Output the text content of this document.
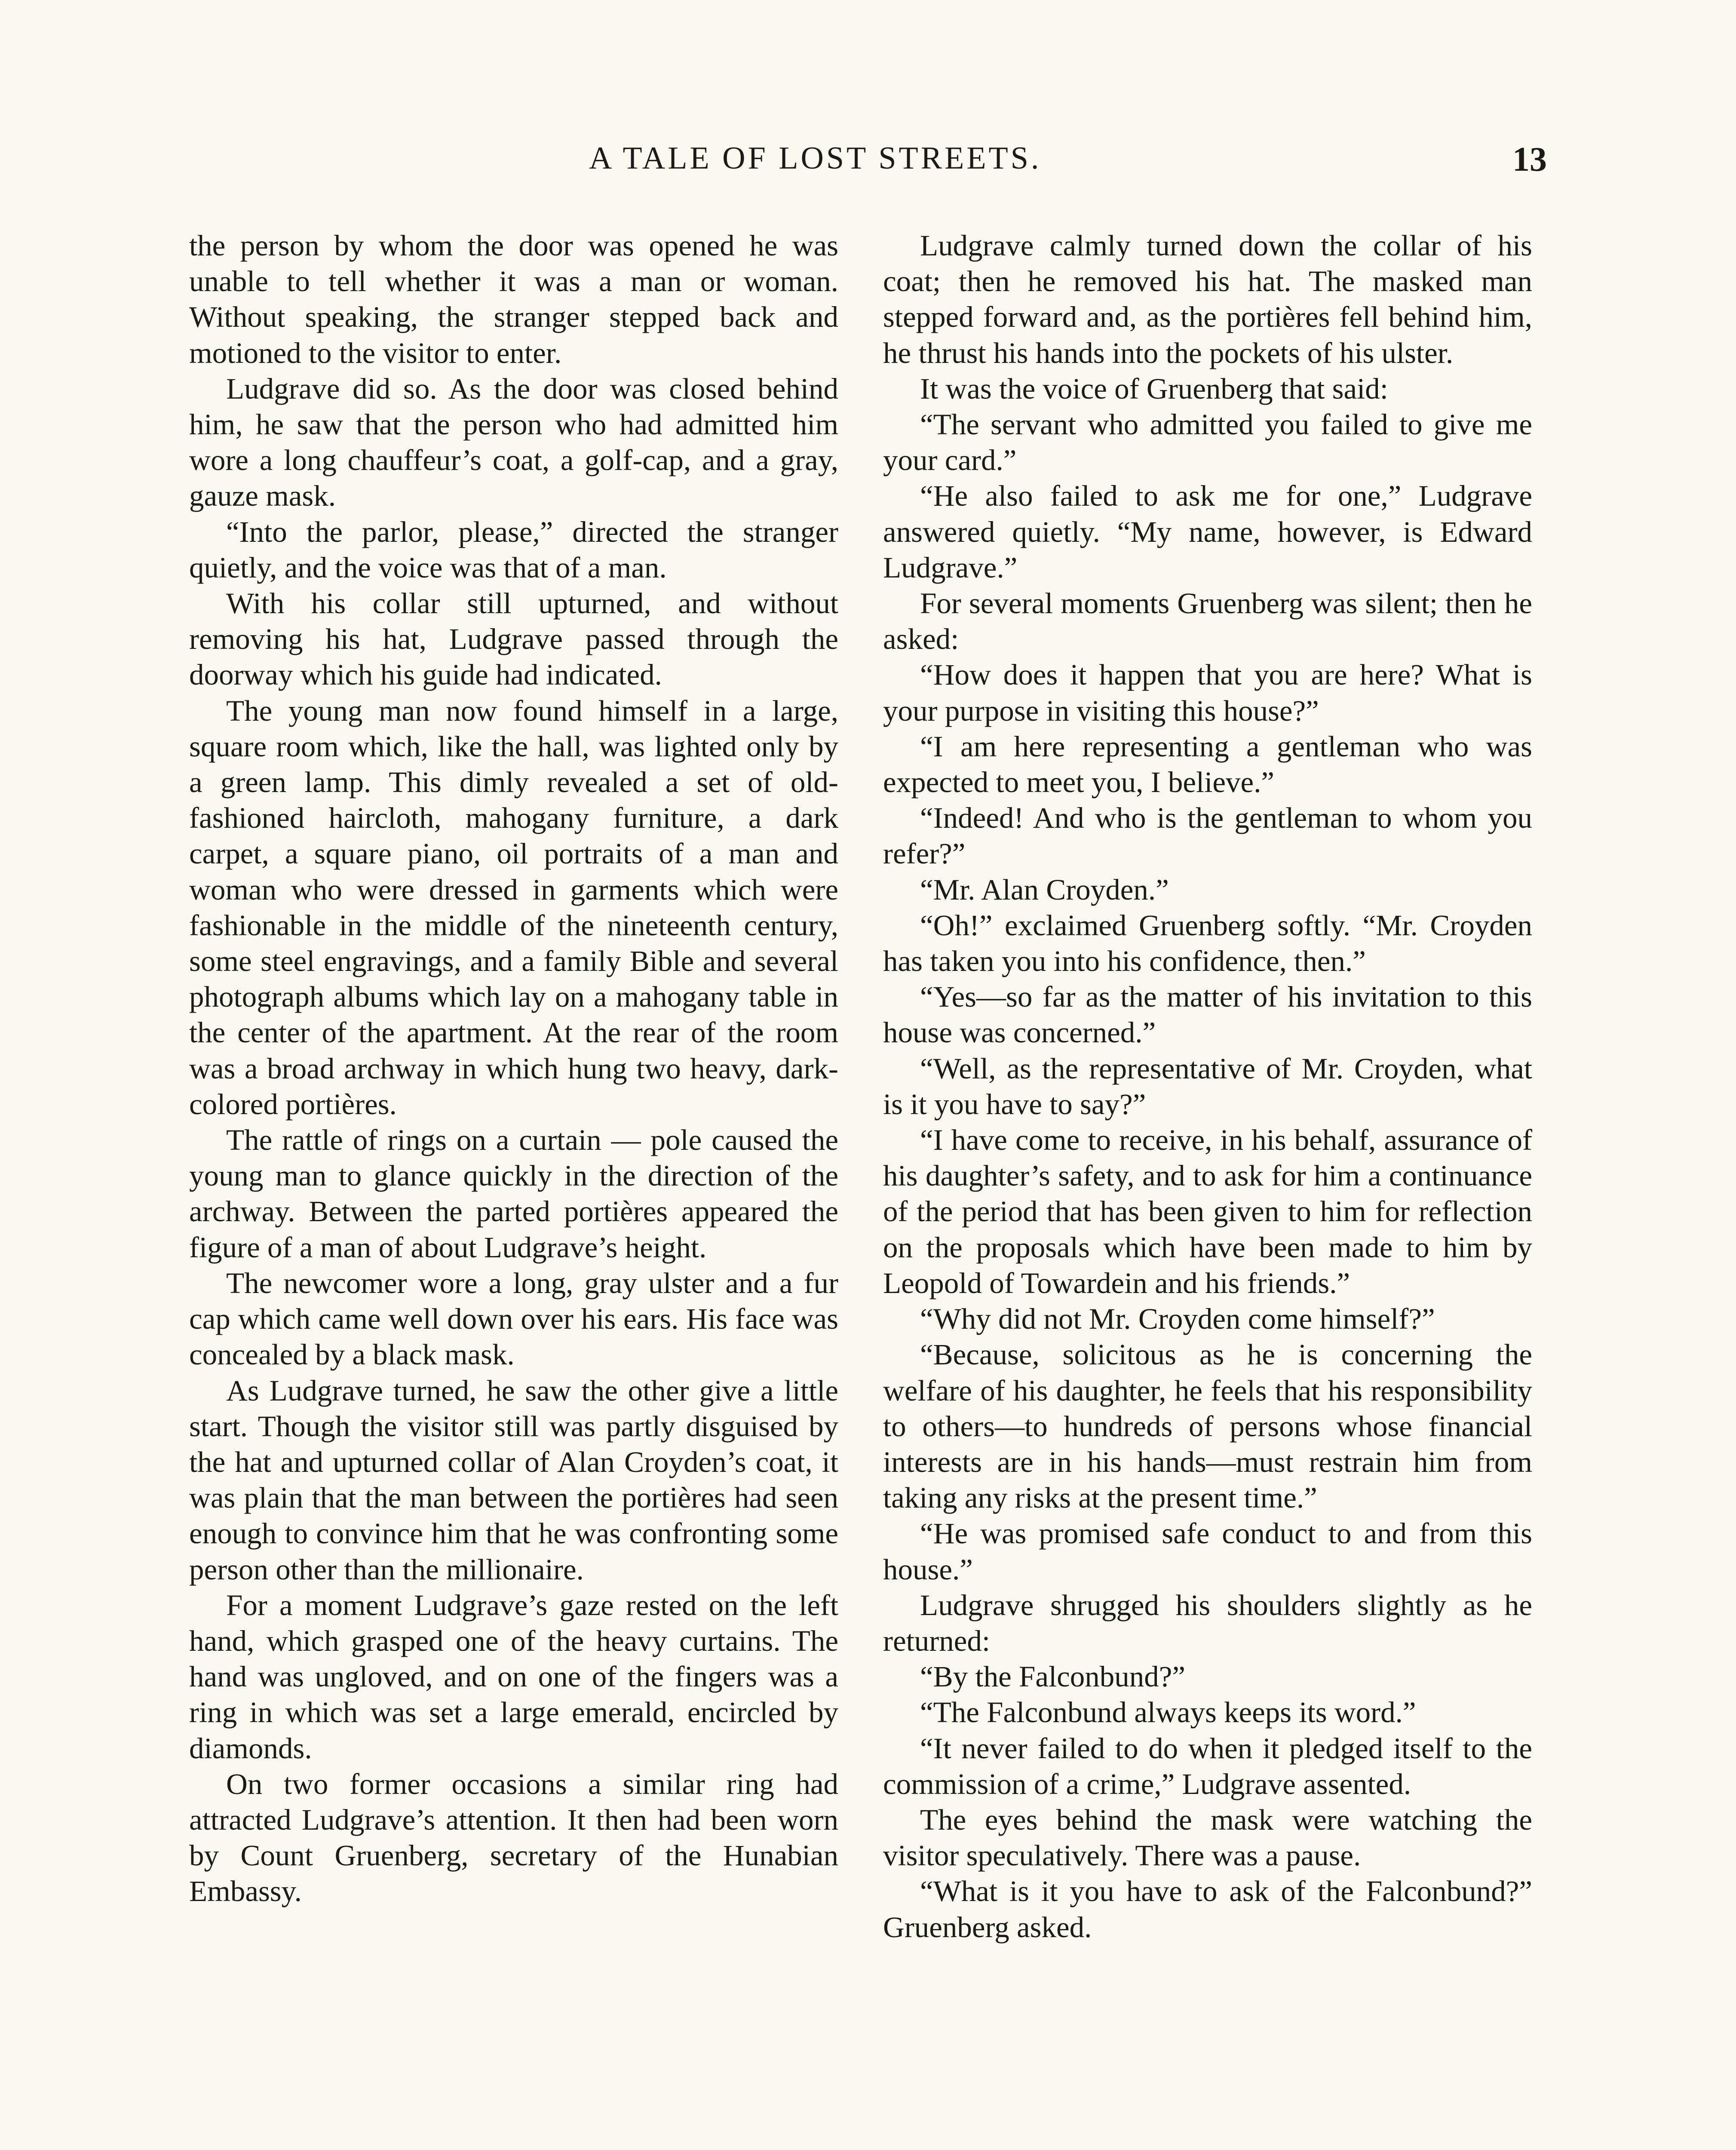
A TALE OF LOST STREETS.	13

the person by whom the door was opened he was unable to tell whether it was a man or woman. Without speaking, the stranger stepped back and motioned to the visitor to enter.

Ludgrave did so. As the door was closed behind him, he saw that the person who had admitted him wore a long chauffeur’s coat, a golf-cap, and a gray, gauze mask.

“Into the parlor, please,” directed the stranger quietly, and the voice was that of a man.

With his collar still upturned, and without removing his hat, Ludgrave passed through the doorway which his guide had indicated.

The young man now found himself in a large, square room which, like the hall, was lighted only by a green lamp. This dimly revealed a set of old-fashioned haircloth, mahogany furniture, a dark carpet, a square piano, oil portraits of a man and woman who were dressed in garments which were fashionable in the middle of the nineteenth century, some steel engravings, and a family Bible and several photograph albums which lay on a mahogany table in the center of the apartment. At the rear of the room was a broad archway in which hung two heavy, dark-colored portières.

The rattle of rings on a curtain — pole caused the young man to glance quickly in the direction of the archway. Between the parted portières appeared the figure of a man of about Ludgrave’s height.

The newcomer wore a long, gray ulster and a fur cap which came well down over his ears. His face was concealed by a black mask.

As Ludgrave turned, he saw the other give a little start. Though the visitor still was partly disguised by the hat and upturned collar of Alan Croyden’s coat, it was plain that the man between the portières had seen enough to convince him that he was confronting some person other than the millionaire.

For a moment Ludgrave’s gaze rested on the left hand, which grasped one of the heavy curtains. The hand was ungloved, and on one of the fingers was a ring in which was set a large emerald, encircled by diamonds.

On two former occasions a similar ring had attracted Ludgrave’s attention. It then had been worn by Count Gruenberg, secretary of the Hunabian Embassy.

Ludgrave calmly turned down the collar of his coat; then he removed his hat. The masked man stepped forward and, as the portières fell behind him, he thrust his hands into the pockets of his ulster.

It was the voice of Gruenberg that said:

“The servant who admitted you failed to give me your card.”

“He also failed to ask me for one,” Ludgrave answered quietly. “My name, however, is Edward Ludgrave.”

For several moments Gruenberg was silent; then he asked:

“How does it happen that you are here? What is your purpose in visiting this house?”

“I am here representing a gentleman who was expected to meet you, I believe.”

“Indeed! And who is the gentleman to whom you refer?”

“Mr. Alan Croyden.”

“Oh!” exclaimed Gruenberg softly. “Mr. Croyden has taken you into his confidence, then.”

“Yes—so far as the matter of his invitation to this house was concerned.”

“Well, as the representative of Mr. Croyden, what is it you have to say?”

“I have come to receive, in his behalf, assurance of his daughter’s safety, and to ask for him a continuance of the period that has been given to him for reflection on the proposals which have been made to him by Leopold of Towardein and his friends.”

“Why did not Mr. Croyden come himself?”

“Because, solicitous as he is concerning the welfare of his daughter, he feels that his responsibility to others—to hundreds of persons whose financial interests are in his hands—must restrain him from taking any risks at the present time.”

“He was promised safe conduct to and from this house.”

Ludgrave shrugged his shoulders slightly as he returned:

“By the Falconbund?”

“The Falconbund always keeps its word.”

“It never failed to do when it pledged itself to the commission of a crime,” Ludgrave assented.

The eyes behind the mask were watching the visitor speculatively. There was a pause.

“What is it you have to ask of the Falconbund?” Gruenberg asked.
